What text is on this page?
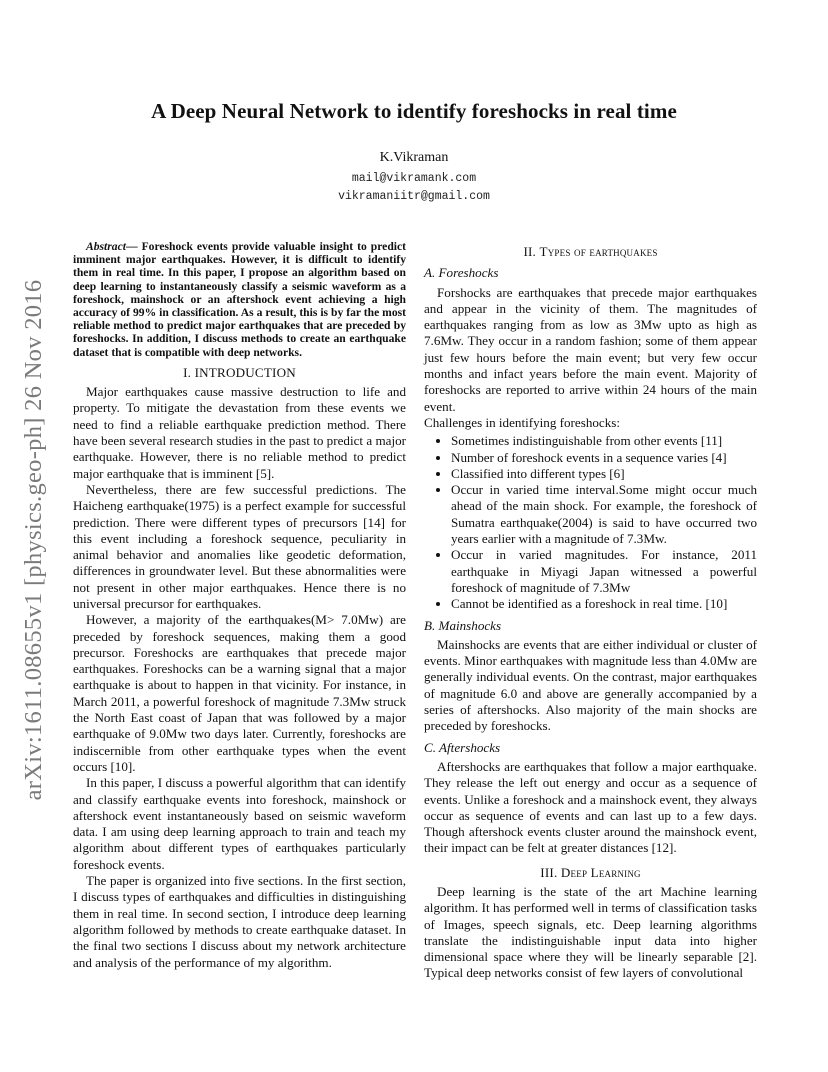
arXiv:1611.08655v1 [physics.geo-ph] 26 Nov 2016
A Deep Neural Network to identify foreshocks in real time
K.Vikraman
mail@vikramank.com
vikramaniitr@gmail.com
Abstract— Foreshock events provide valuable insight to predict imminent major earthquakes. However, it is difficult to identify them in real time. In this paper, I propose an algorithm based on deep learning to instantaneously classify a seismic waveform as a foreshock, mainshock or an aftershock event achieving a high accuracy of 99% in classification. As a result, this is by far the most reliable method to predict major earthquakes that are preceded by foreshocks. In addition, I discuss methods to create an earthquake dataset that is compatible with deep networks.
I. INTRODUCTION

Major earthquakes cause massive destruction to life and property. To mitigate the devastation from these events we need to find a reliable earthquake prediction method. There have been several research studies in the past to predict a major earthquake. However, there is no reliable method to predict major earthquake that is imminent [5].

Nevertheless, there are few successful predictions. The Haicheng earthquake(1975) is a perfect example for successful prediction. There were different types of precursors [14] for this event including a foreshock sequence, peculiarity in animal behavior and anomalies like geodetic deformation, differences in groundwater level. But these abnormalities were not present in other major earthquakes. Hence there is no universal precursor for earthquakes.

However, a majority of the earthquakes(M> 7.0Mw) are preceded by foreshock sequences, making them a good precursor. Foreshocks are earthquakes that precede major earthquakes. Foreshocks can be a warning signal that a major earthquake is about to happen in that vicinity. For instance, in March 2011, a powerful foreshock of magnitude 7.3Mw struck the North East coast of Japan that was followed by a major earthquake of 9.0Mw two days later. Currently, foreshocks are indiscernible from other earthquake types when the event occurs [10].

In this paper, I discuss a powerful algorithm that can identify and classify earthquake events into foreshock, mainshock or aftershock event instantaneously based on seismic waveform data. I am using deep learning approach to train and teach my algorithm about different types of earthquakes particularly foreshock events.

The paper is organized into five sections. In the first section, I discuss types of earthquakes and difficulties in distinguishing them in real time. In second section, I introduce deep learning algorithm followed by methods to create earthquake dataset. In the final two sections I discuss about my network architecture and analysis of the performance of my algorithm.

II. Types of earthquakes
A. Foreshocks

Forshocks are earthquakes that precede major earthquakes and appear in the vicinity of them. The magnitudes of earthquakes ranging from as low as 3Mw upto as high as 7.6Mw. They occur in a random fashion; some of them appear just few hours before the main event; but very few occur months and infact years before the main event. Majority of foreshocks are reported to arrive within 24 hours of the main event.

Challenges in identifying foreshocks:

• Sometimes indistinguishable from other events [11]
• Number of foreshock events in a sequence varies [4]
• Classified into different types [6]
• Occur in varied time interval.Some might occur much ahead of the main shock. For example, the foreshock of Sumatra earthquake(2004) is said to have occurred two years earlier with a magnitude of 7.3Mw.
• Occur in varied magnitudes. For instance, 2011 earthquake in Miyagi Japan witnessed a powerful foreshock of magnitude of 7.3Mw
• Cannot be identified as a foreshock in real time. [10]
B. Mainshocks

Mainshocks are events that are either individual or cluster of events. Minor earthquakes with magnitude less than 4.0Mw are generally individual events. On the contrast, major earthquakes of magnitude 6.0 and above are generally accompanied by a series of aftershocks. Also majority of the main shocks are preceded by foreshocks.

C. Aftershocks

Aftershocks are earthquakes that follow a major earthquake. They release the left out energy and occur as a sequence of events. Unlike a foreshock and a mainshock event, they always occur as sequence of events and can last up to a few days. Though aftershock events cluster around the mainshock event, their impact can be felt at greater distances [12].

III. Deep Learning

Deep learning is the state of the art Machine learning algorithm. It has performed well in terms of classification tasks of Images, speech signals, etc. Deep learning algorithms translate the indistinguishable input data into higher dimensional space where they will be linearly separable [2]. Typical deep networks consist of few layers of convolutional
